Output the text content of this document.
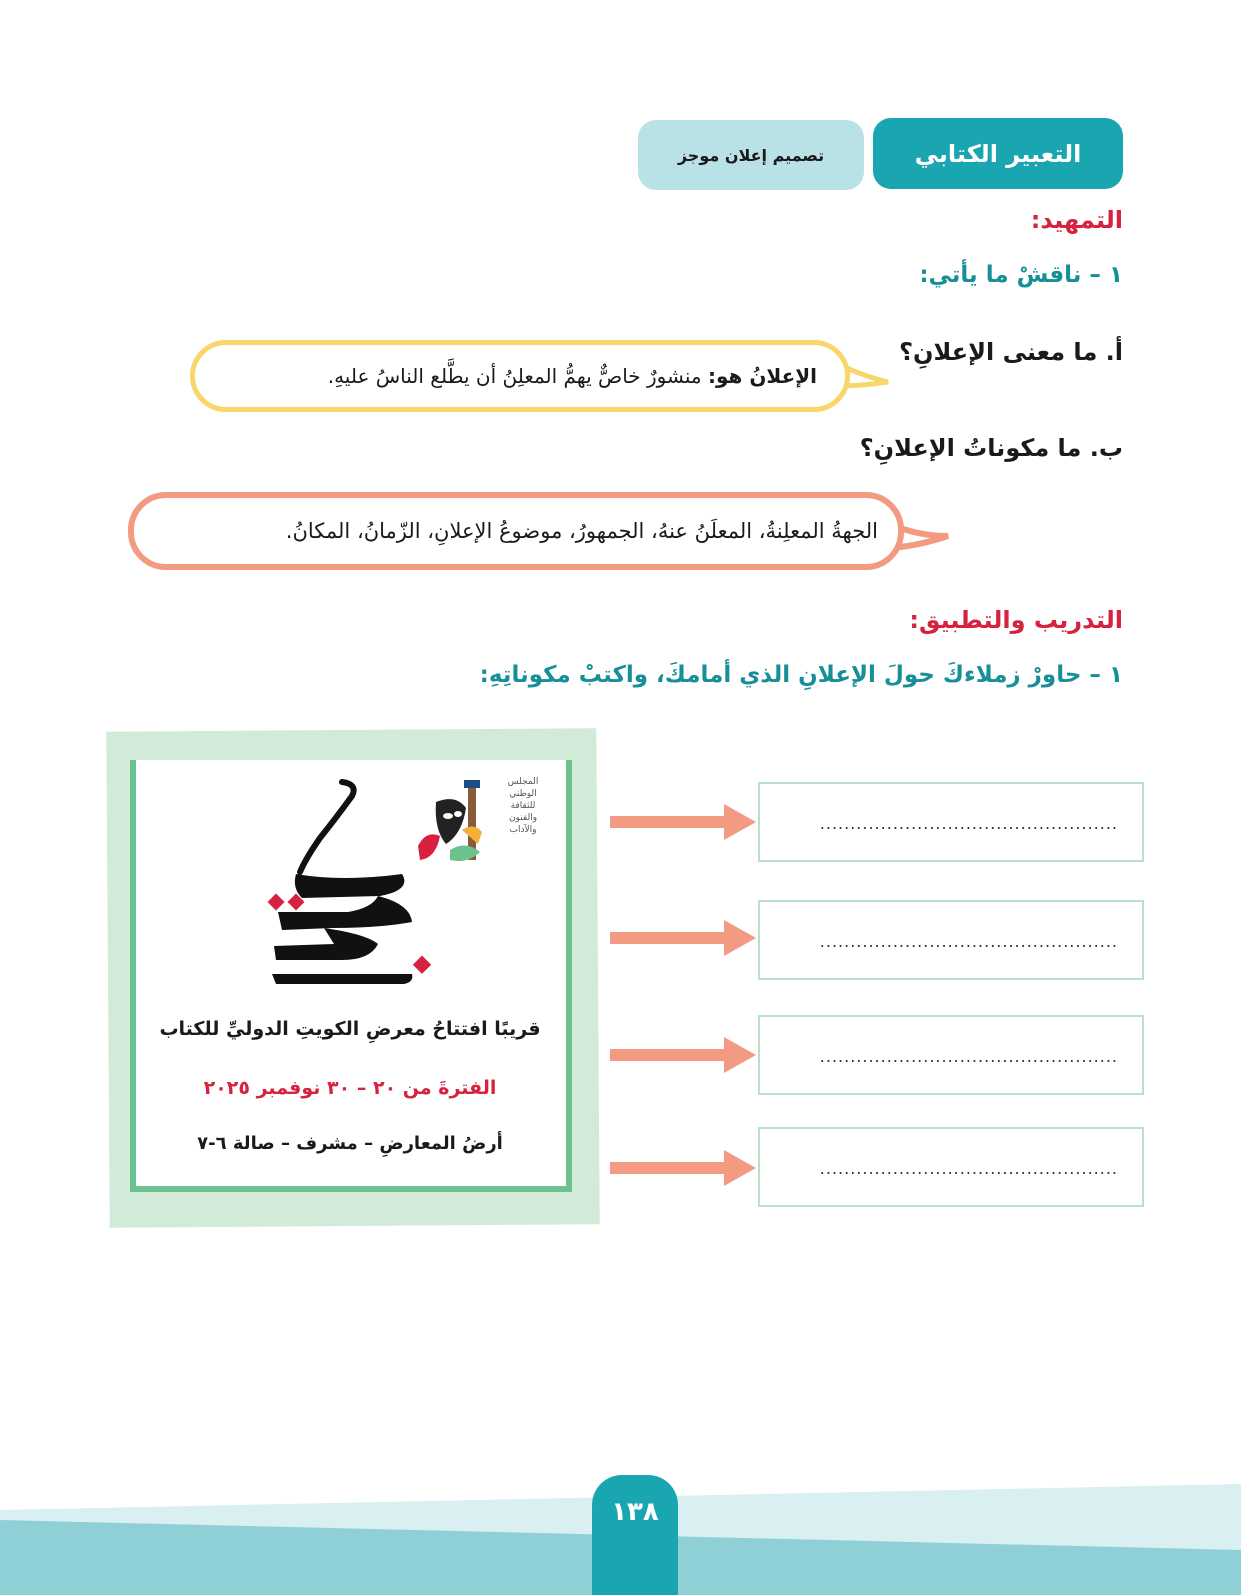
التعبير الكتابي
تصميم إعلان موجز
التمهيد:
١ – ناقشْ ما يأتي:
أ. ما معنى الإعلانِ؟
الإعلانُ هو: منشورٌ خاصٌّ يهمُّ المعلِنُ أن يطَّلع الناسُ عليهِ.
ب. ما مكوناتُ الإعلانِ؟
الجهةُ المعلِنةُ، المعلَنُ عنهُ، الجمهورُ، موضوعُ الإعلانِ، الزّمانُ، المكانُ.
التدريب والتطبيق:
١ – حاورْ زملاءكَ حولَ الإعلانِ الذي أمامكَ، واكتبْ مكوناتِهِ:
المجلس
الوطني
للثقافة
والفنون
والآداب
قريبًا افتتاحُ معرضِ الكويتِ الدوليِّ للكتاب
الفترةَ من ٢٠ – ٣٠ نوفمبر ٢٠٢٥
أرضُ المعارضِ – مشرف – صالة ٦-٧
.................................................
.................................................
.................................................
.................................................
١٣٨
